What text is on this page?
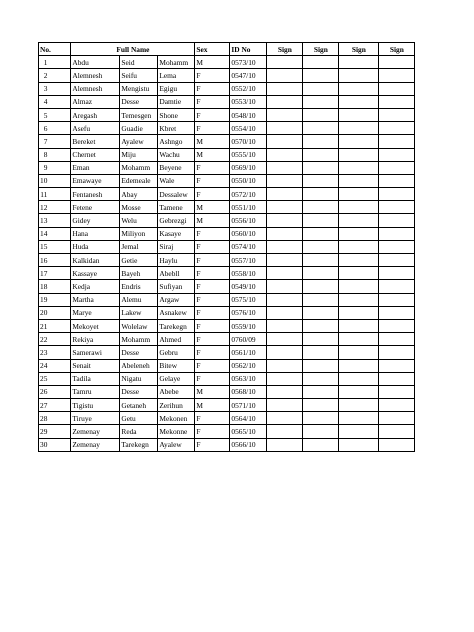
No.	Full Name			Sex	ID No	Sign	Sign	Sign	Sign
1	Abdu	Seid	Mohamm	M	0573/10				
2	Alemnesh	Seifu	Lema	F	0547/10				
3	Alemnesh	Mengistu	Egigu	F	0552/10				
4	Almaz	Desse	Damtie	F	0553/10				
5	Aregash	Temesgen	Shone	F	0548/10				
6	Asefu	Guadie	Kbret	F	0554/10				
7	Bereket	Ayalew	Ashngo	M	0570/10				
8	Chernet	Miju	Wachu	M	0555/10				
9	Eman	Mohamm	Beyene	F	0569/10				
10	Emawaye	Edemeale	Wale	F	0550/10				
11	Fentanesh	Abay	Dessalew	F	0572/10				
12	Fetene	Mosse	Tamene	M	0551/10				
13	Gidey	Welu	Gebrezgi	M	0556/10				
14	Hana	Miliyon	Kasaye	F	0560/10				
15	Huda	Jemal	Siraj	F	0574/10				
16	Kalkidan	Getie	Haylu	F	0557/10				
17	Kassaye	Bayeh	Abebll	F	0558/10				
18	Kedja	Endris	Sufiyan	F	0549/10				
19	Martha	Alemu	Argaw	F	0575/10				
20	Marye	Lakew	Asnakew	F	0576/10				
21	Mekoyet	Wolelaw	Tarekegn	F	0559/10				
22	Rekiya	Mohamm	Ahmed	F	0760/09				
23	Samerawi	Desse	Gebru	F	0561/10				
24	Senait	Abeleneh	Bitew	F	0562/10				
25	Tadila	Nigatu	Gelaye	F	0563/10				
26	Tamru	Desse	Abebe	M	0568/10				
27	Tigistu	Getaneh	Zerihun	M	0571/10				
28	Tiruye	Getu	Mekonen	F	0564/10				
29	Zemenay	Reda	Mekonne	F	0565/10				
30	Zemenay	Tarekegn	Ayalew	F	0566/10				
